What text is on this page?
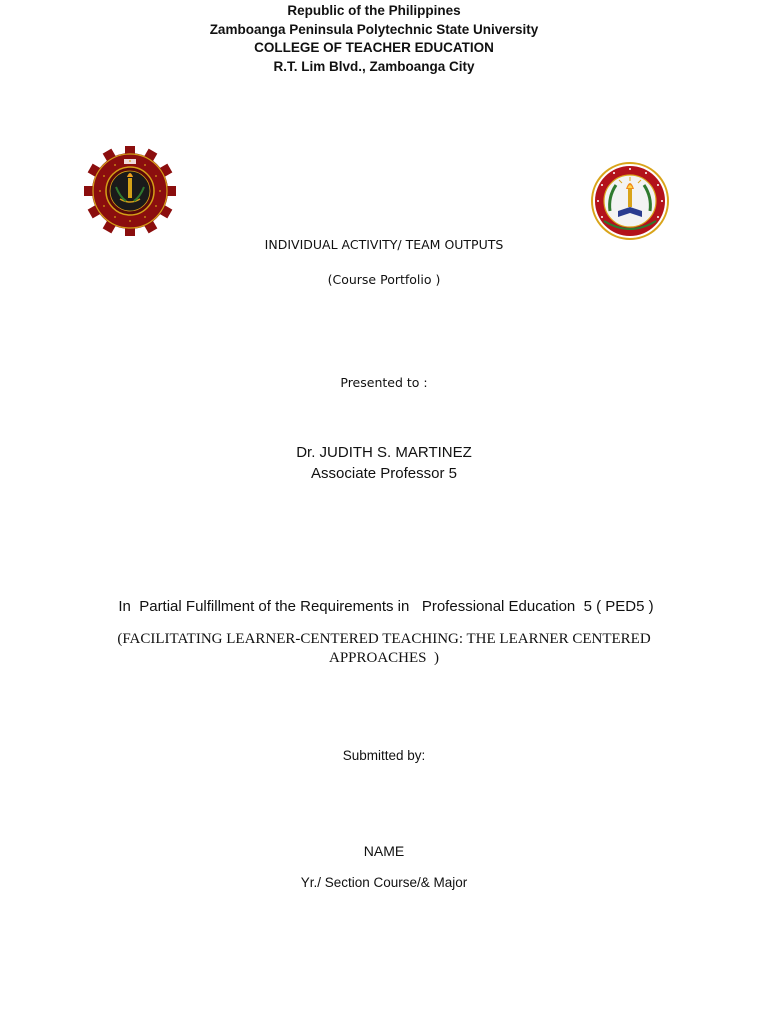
Republic of the Philippines
Zamboanga Peninsula Polytechnic State University
COLLEGE OF TEACHER EDUCATION
R.T. Lim Blvd., Zamboanga City
INDIVIDUAL ACTIVITY/ TEAM OUTPUTS
(Course Portfolio )
Presented to :
Dr. JUDITH S. MARTINEZ
Associate Professor 5
In  Partial Fulfillment of the Requirements in   Professional Education  5 ( PED5 )
(FACILITATING LEARNER-CENTERED TEACHING: THE LEARNER CENTERED
APPROACHES  )
Submitted by:
NAME
Yr./ Section Course/& Major
